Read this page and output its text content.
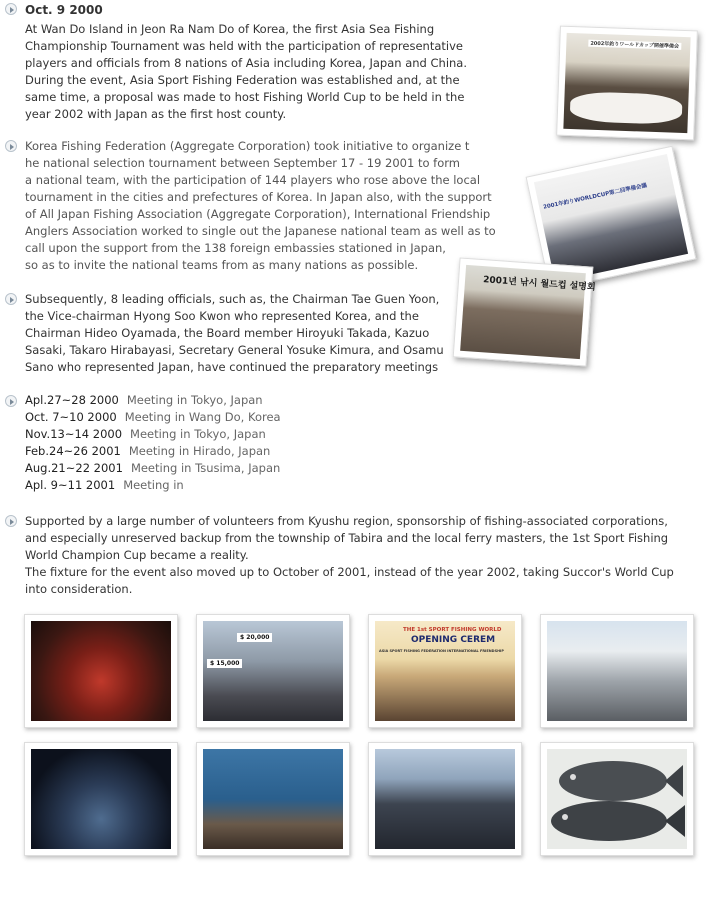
Oct. 9 2000
At Wan Do Island in Jeon Ra Nam Do of Korea, the first Asia Sea Fishing
Championship Tournament was held with the participation of representative
players and officials from 8 nations of Asia including Korea, Japan and China.
During the event, Asia Sport Fishing Federation was established and, at the
same time, a proposal was made to host Fishing World Cup to be held in the
year 2002 with Japan as the first host county.
Korea Fishing Federation (Aggregate Corporation) took initiative to organize t
he national selection tournament between September 17 - 19 2001 to form
a national team, with the participation of 144 players who rose above the local
tournament in the cities and prefectures of Korea. In Japan also, with the support
of All Japan Fishing Association (Aggregate Corporation), International Friendship
Anglers Association worked to single out the Japanese national team as well as to
call upon the support from the 138 foreign embassies stationed in Japan,
so as to invite the national teams from as many nations as possible.
Subsequently, 8 leading officials, such as, the Chairman Tae Guen Yoon,
the Vice-chairman Hyong Soo Kwon who represented Korea, and the
Chairman Hideo Oyamada, the Board member Hiroyuki Takada, Kazuo
Sasaki, Takaro Hirabayasi, Secretary General Yosuke Kimura, and Osamu
Sano who represented Japan, have continued the preparatory meetings
Apl.27~28 2000 Meeting in Tokyo, Japan
Oct. 7~10 2000 Meeting in Wang Do, Korea
Nov.13~14 2000 Meeting in Tokyo, Japan
Feb.24~26 2001 Meeting in Hirado, Japan
Aug.21~22 2001 Meeting in Tsusima, Japan
Apl. 9~11 2001 Meeting in
Supported by a large number of volunteers from Kyushu region, sponsorship of fishing-associated corporations,
and especially unreserved backup from the township of Tabira and the local ferry masters, the 1st Sport Fishing
World Champion Cup became a reality.
The fixture for the event also moved up to October of 2001, instead of the year 2002, taking Succor's World Cup
into consideration.
2002年釣りワールドカップ開催準備会
2001年釣りWORLDCUP第二回準備会議
2001년 낚시 월드컵 설명회
$ 20,000
$ 15,000
THE 1st SPORT FISHING WORLD
OPENING CEREM
ASIA SPORT FISHING FEDERATION INTERNATIONAL FRIENDSHIP
